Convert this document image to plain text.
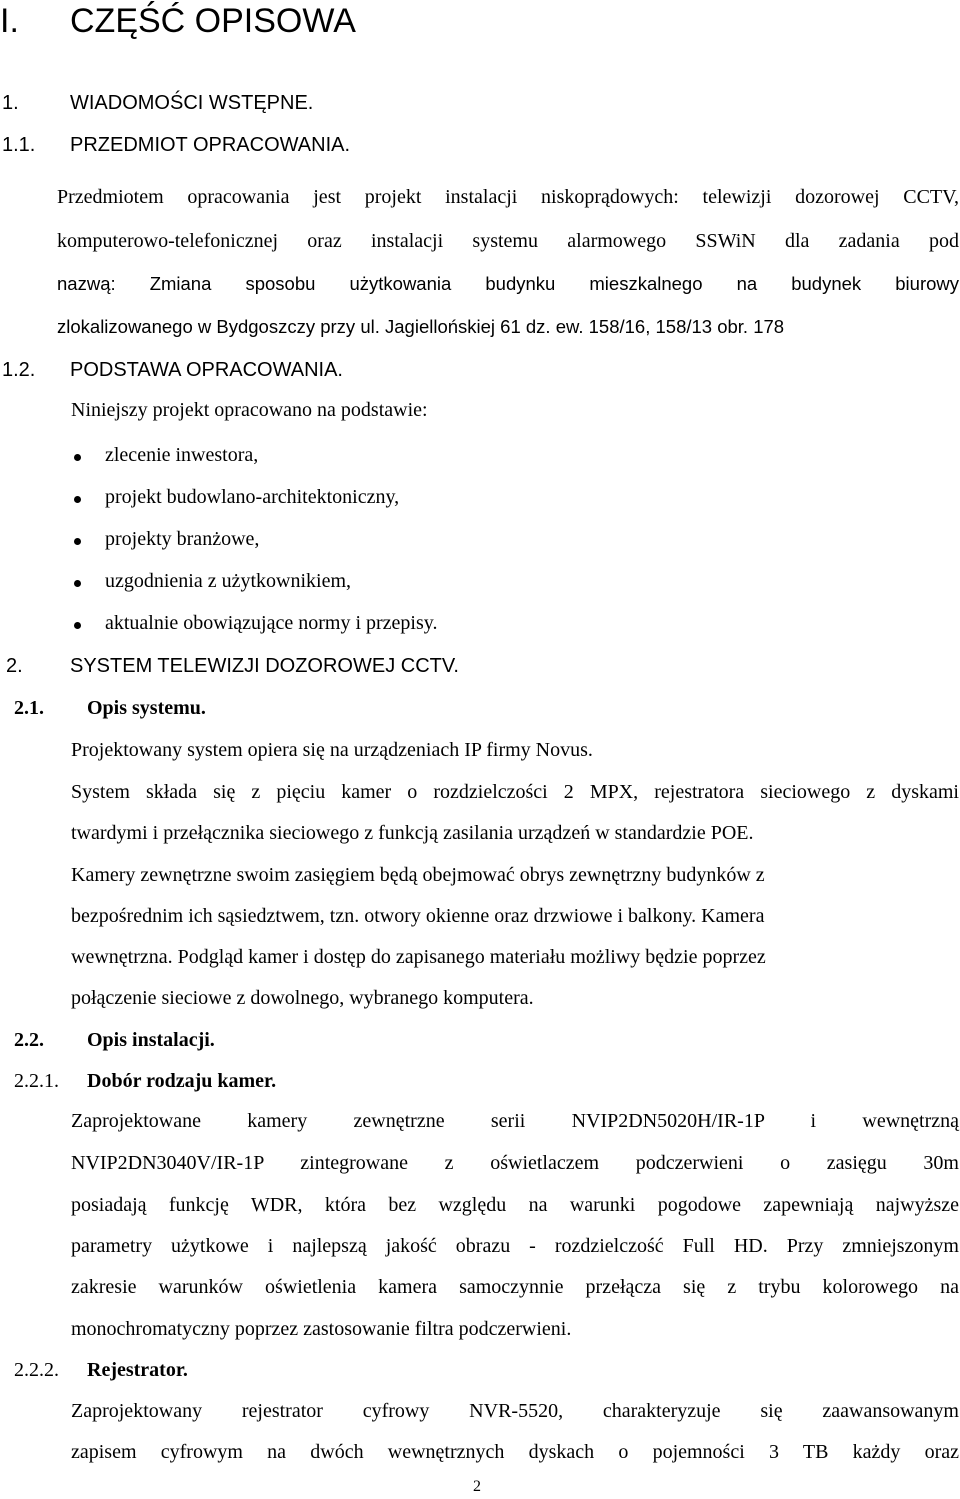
I. CZĘŚĆ OPISOWA
1.	WIADOMOŚCI WSTĘPNE.
1.1. PRZEDMIOT OPRACOWANIA.
Przedmiotem opracowania jest projekt instalacji niskoprądowych: telewizji dozorowej CCTV,
komputerowo-telefonicznej oraz instalacji systemu alarmowego SSWiN dla zadania pod
nazwą: Zmiana sposobu użytkowania budynku mieszkalnego na budynek biurowy
zlokalizowanego w Bydgoszczy przy ul. Jagiellońskiej 61 dz. ew. 158/16, 158/13 obr. 178
1.2. PODSTAWA OPRACOWANIA.
Niniejszy projekt opracowano na podstawie:
zlecenie inwestora,
projekt budowlano-architektoniczny,
projekty branżowe,
uzgodnienia z użytkownikiem,
aktualnie obowiązujące normy i przepisy.
2. SYSTEM TELEWIZJI DOZOROWEJ CCTV.
2.1. Opis systemu.
Projektowany system opiera się na urządzeniach IP firmy Novus.
System składa się z pięciu kamer o rozdzielczości 2 MPX, rejestratora sieciowego z dyskami
twardymi i przełącznika sieciowego z funkcją zasilania urządzeń w standardzie POE.
Kamery zewnętrzne swoim zasięgiem będą obejmować obrys zewnętrzny budynków z
bezpośrednim ich sąsiedztwem, tzn. otwory okienne oraz drzwiowe i balkony. Kamera
wewnętrzna. Podgląd kamer i dostęp do zapisanego materiału możliwy będzie poprzez
połączenie sieciowe z dowolnego, wybranego komputera.
2.2. Opis instalacji.
2.2.1. Dobór rodzaju kamer.
Zaprojektowane kamery zewnętrzne serii NVIP2DN5020H/IR-1P i wewnętrzną
NVIP2DN3040V/IR-1P zintegrowane z oświetlaczem podczerwieni o zasięgu 30m
posiadają funkcję WDR, która bez względu na warunki pogodowe zapewniają najwyższe
parametry użytkowe i najlepszą jakość obrazu - rozdzielczość Full HD. Przy zmniejszonym
zakresie warunków oświetlenia kamera samoczynnie przełącza się z trybu kolorowego na
monochromatyczny poprzez zastosowanie filtra podczerwieni.
2.2.2. Rejestrator.
Zaprojektowany rejestrator cyfrowy NVR-5520, charakteryzuje się zaawansowanym
zapisem cyfrowym na dwóch wewnętrznych dyskach o pojemności 3 TB każdy oraz
2
